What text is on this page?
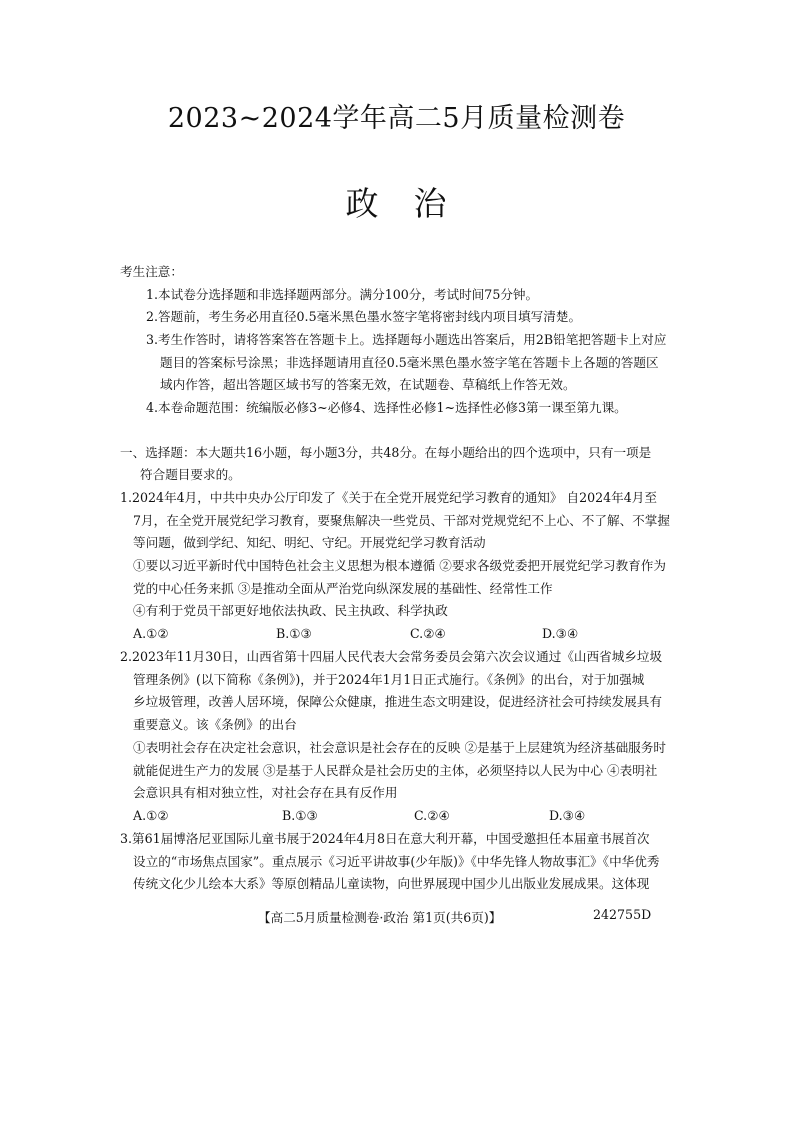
2023~2024学年高二5月质量检测卷
政　治
考生注意：
1.本试卷分选择题和非选择题两部分。满分100分，考试时间75分钟。
2.答题前，考生务必用直径0.5毫米黑色墨水签字笔将密封线内项目填写清楚。
3.考生作答时，请将答案答在答题卡上。选择题每小题选出答案后，用2B铅笔把答题卡上对应
题目的答案标号涂黑；非选择题请用直径0.5毫米黑色墨水签字笔在答题卡上各题的答题区
域内作答，超出答题区域书写的答案无效，在试题卷、草稿纸上作答无效。
4.本卷命题范围：统编版必修3~必修4、选择性必修1~选择性必修3第一课至第九课。
一、选择题：本大题共16小题，每小题3分，共48分。在每小题给出的四个选项中，只有一项是
符合题目要求的。
1.2024年4月，中共中央办公厅印发了《关于在全党开展党纪学习教育的通知》 自2024年4月至
7月，在全党开展党纪学习教育，要聚焦解决一些党员、干部对党规党纪不上心、不了解、不掌握
等问题，做到学纪、知纪、明纪、守纪。开展党纪学习教育活动
①要以习近平新时代中国特色社会主义思想为根本遵循 ②要求各级党委把开展党纪学习教育作为
党的中心任务来抓 ③是推动全面从严治党向纵深发展的基础性、经常性工作
④有利于党员干部更好地依法执政、民主执政、科学执政
A.①②	B.①③	C.②④	D.③④
2.2023年11月30日，山西省第十四届人民代表大会常务委员会第六次会议通过《山西省城乡垃圾
管理条例》(以下简称《条例》)，并于2024年1月1日正式施行。《条例》的出台，对于加强城
乡垃圾管理，改善人居环境，保障公众健康，推进生态文明建设，促进经济社会可持续发展具有
重要意义。该《条例》的出台
①表明社会存在决定社会意识，社会意识是社会存在的反映 ②是基于上层建筑为经济基础服务时
就能促进生产力的发展 ③是基于人民群众是社会历史的主体，必须坚持以人民为中心 ④表明社
会意识具有相对独立性，对社会存在具有反作用
A.①②	B.①③	C.②④	D.③④
3.第61届博洛尼亚国际儿童书展于2024年4月8日在意大利开幕，中国受邀担任本届童书展首次
设立的“市场焦点国家”。重点展示《习近平讲故事(少年版)》《中华先锋人物故事汇》《中华优秀
传统文化少儿绘本大系》等原创精品儿童读物，向世界展现中国少儿出版业发展成果。这体现
【高二5月质量检测卷·政治 第1页(共6页)】	242755D
